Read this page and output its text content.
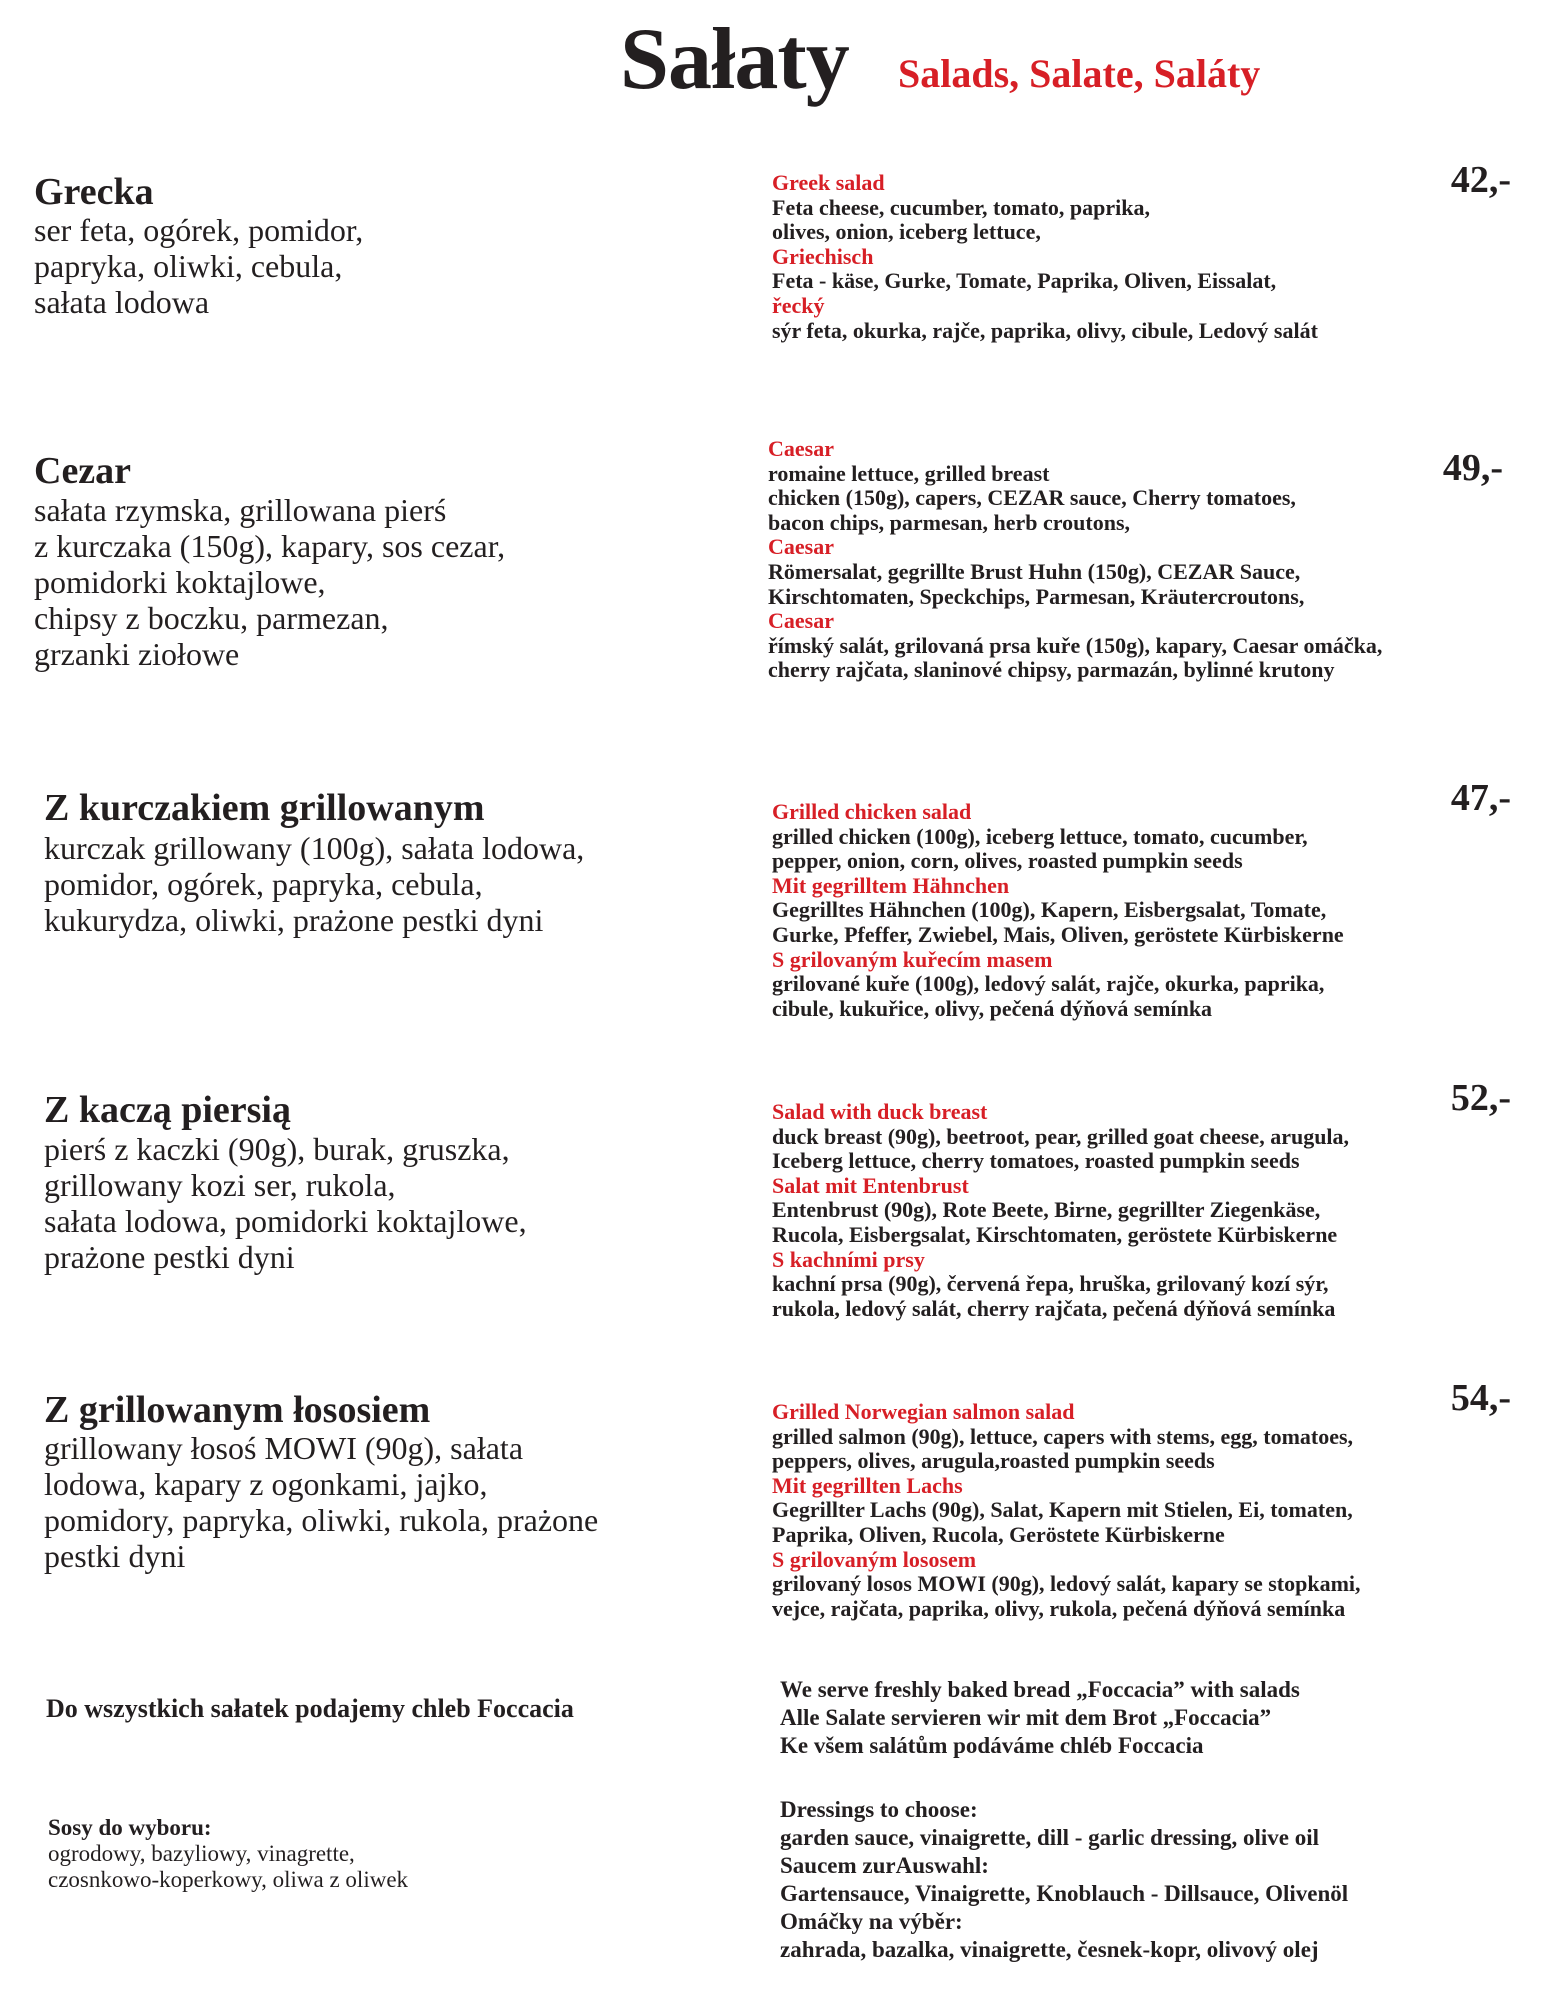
Sałaty Salads, Salate, Saláty
Grecka
ser feta, ogórek, pomidor,
papryka, oliwki, cebula,
sałata lodowa
Greek salad
Feta cheese, cucumber, tomato, paprika,
olives, onion, iceberg lettuce,
Griechisch
Feta - käse, Gurke, Tomate, Paprika, Oliven, Eissalat,
řecký
sýr feta, okurka, rajče, paprika, olivy, cibule, Ledový salát
42,-
Cezar
sałata rzymska, grillowana pierś
z kurczaka (150g), kapary, sos cezar,
pomidorki koktajlowe,
chipsy z boczku, parmezan,
grzanki ziołowe
Caesar
romaine lettuce, grilled breast
chicken (150g), capers, CEZAR sauce, Cherry tomatoes,
bacon chips, parmesan, herb croutons,
Caesar
Römersalat, gegrillte Brust Huhn (150g), CEZAR Sauce,
Kirschtomaten, Speckchips, Parmesan, Kräutercroutons,
Caesar
římský salát, grilovaná prsa kuře (150g), kapary, Caesar omáčka,
cherry rajčata, slaninové chipsy, parmazán, bylinné krutony
49,-
Z kurczakiem grillowanym
kurczak grillowany (100g), sałata lodowa,
pomidor, ogórek, papryka, cebula,
kukurydza, oliwki, prażone pestki dyni
Grilled chicken salad
grilled chicken (100g), iceberg lettuce, tomato, cucumber,
pepper, onion, corn, olives, roasted pumpkin seeds
Mit gegrilltem Hähnchen
Gegrilltes Hähnchen (100g), Kapern, Eisbergsalat, Tomate,
Gurke, Pfeffer, Zwiebel, Mais, Oliven, geröstete Kürbiskerne
S grilovaným kuřecím masem
grilované kuře (100g), ledový salát, rajče, okurka, paprika,
cibule, kukuřice, olivy, pečená dýňová semínka
47,-
Z kaczą piersią
pierś z kaczki (90g), burak, gruszka,
grillowany kozi ser, rukola,
sałata lodowa, pomidorki koktajlowe,
prażone pestki dyni
Salad with duck breast
duck breast (90g), beetroot, pear, grilled goat cheese, arugula,
Iceberg lettuce, cherry tomatoes, roasted pumpkin seeds
Salat mit Entenbrust
Entenbrust (90g), Rote Beete, Birne, gegrillter Ziegenkäse,
Rucola, Eisbergsalat, Kirschtomaten, geröstete Kürbiskerne
S kachními prsy
kachní prsa (90g), červená řepa, hruška, grilovaný kozí sýr,
rukola, ledový salát, cherry rajčata, pečená dýňová semínka
52,-
Z grillowanym łososiem
grillowany łosoś MOWI (90g), sałata
lodowa, kapary z ogonkami, jajko,
pomidory, papryka, oliwki, rukola, prażone
pestki dyni
Grilled Norwegian salmon salad
grilled salmon (90g), lettuce, capers with stems, egg, tomatoes,
peppers, olives, arugula,roasted pumpkin seeds
Mit gegrillten Lachs
Gegrillter Lachs (90g), Salat, Kapern mit Stielen, Ei, tomaten,
Paprika, Oliven, Rucola, Geröstete Kürbiskerne
S grilovaným lososem
grilovaný losos MOWI (90g), ledový salát, kapary se stopkami,
vejce, rajčata, paprika, olivy, rukola, pečená dýňová semínka
54,-
Do wszystkich sałatek podajemy chleb Foccacia
We serve freshly baked bread „Foccacia” with salads
Alle Salate servieren wir mit dem Brot „Foccacia”
Ke všem salátům podáváme chléb Foccacia
Sosy do wyboru:
ogrodowy, bazyliowy, vinagrette,
czosnkowo-koperkowy, oliwa z oliwek
Dressings to choose:
garden sauce, vinaigrette, dill - garlic dressing, olive oil
Saucem zurAuswahl:
Gartensauce, Vinaigrette, Knoblauch - Dillsauce, Olivenöl
Omáčky na výběr:
zahrada, bazalka, vinaigrette, česnek-kopr, olivový olej
